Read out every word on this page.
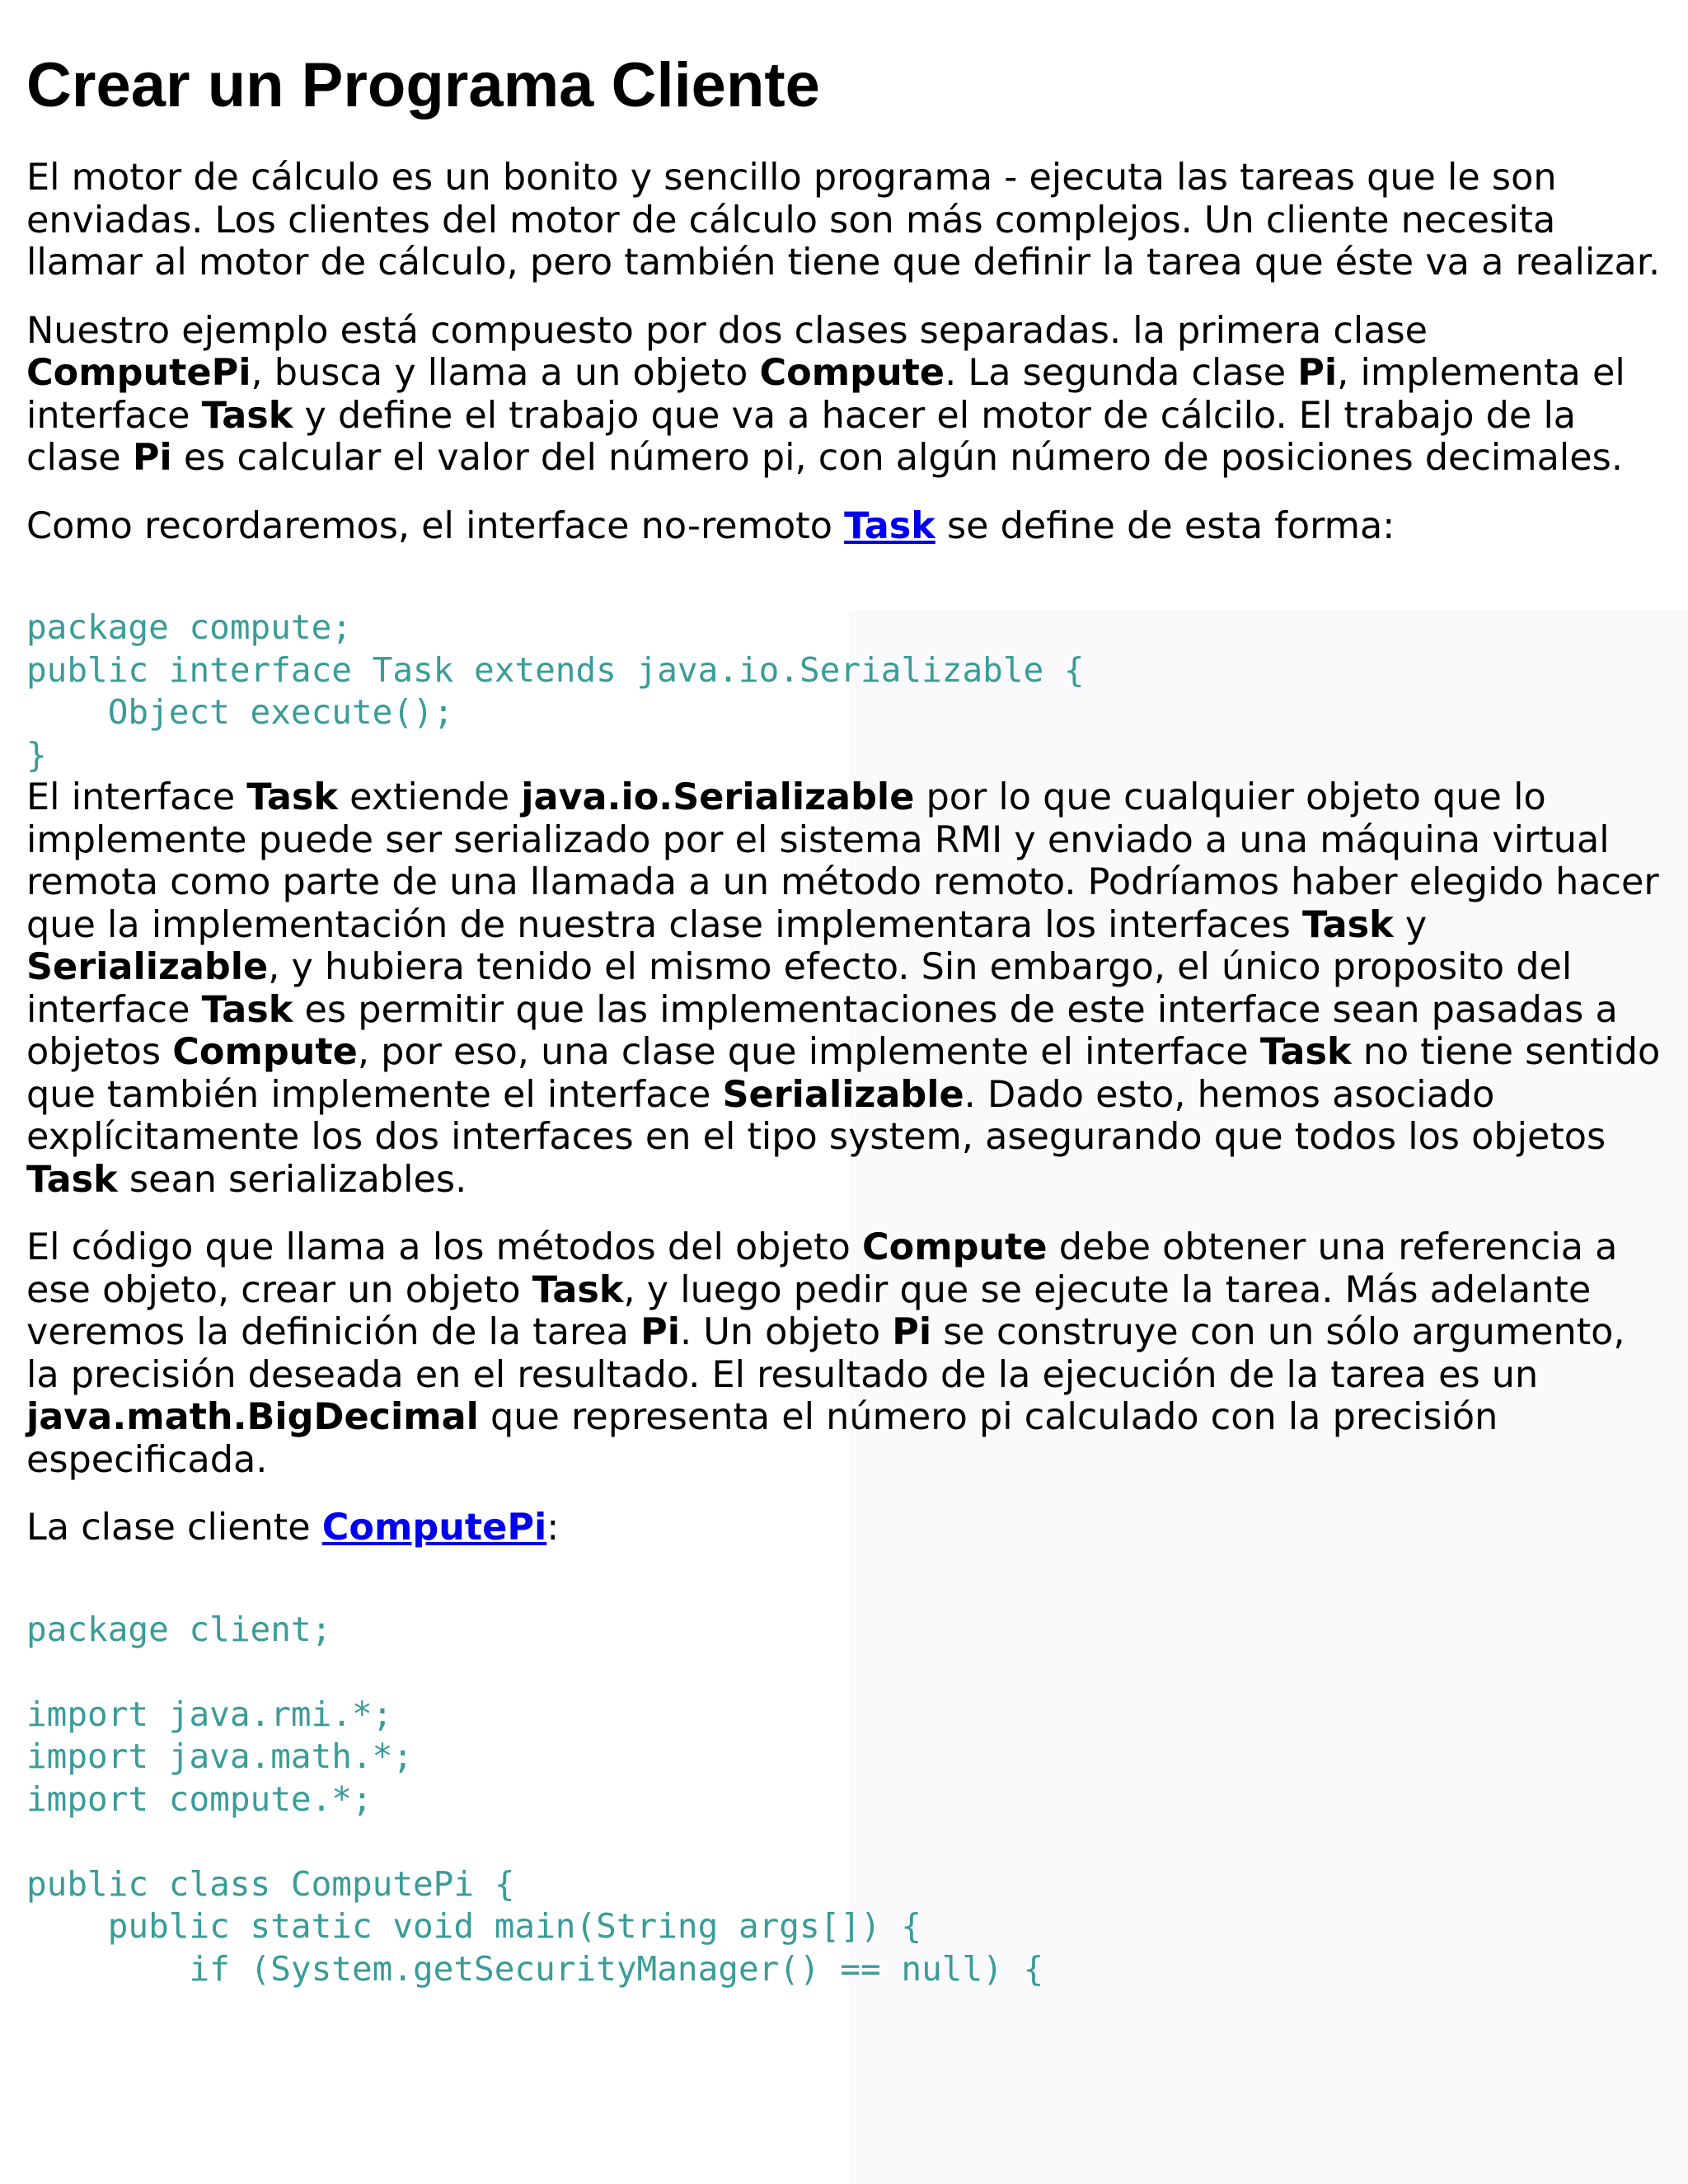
Crear un Programa Cliente

El motor de cálculo es un bonito y sencillo programa - ejecuta las tareas que le son enviadas. Los clientes del motor de cálculo son más complejos. Un cliente necesita llamar al motor de cálculo, pero también tiene que definir la tarea que éste va a realizar.

Nuestro ejemplo está compuesto por dos clases separadas. la primera clase ComputePi, busca y llama a un objeto Compute. La segunda clase Pi, implementa el interface Task y define el trabajo que va a hacer el motor de cálcilo. El trabajo de la clase Pi es calcular el valor del número pi, con algún número de posiciones decimales.

Como recordaremos, el interface no-remoto Task se define de esta forma:

package compute;
public interface Task extends java.io.Serializable {
Object execute();
}

El interface Task extiende java.io.Serializable por lo que cualquier objeto que lo implemente puede ser serializado por el sistema RMI y enviado a una máquina virtual remota como parte de una llamada a un método remoto. Podríamos haber elegido hacer que la implementación de nuestra clase implementara los interfaces Task y Serializable, y hubiera tenido el mismo efecto. Sin embargo, el único proposito del interface Task es permitir que las implementaciones de este interface sean pasadas a objetos Compute, por eso, una clase que implemente el interface Task no tiene sentido que también implemente el interface Serializable. Dado esto, hemos asociado explícitamente los dos interfaces en el tipo system, asegurando que todos los objetos Task sean serializables.

El código que llama a los métodos del objeto Compute debe obtener una referencia a ese objeto, crear un objeto Task, y luego pedir que se ejecute la tarea. Más adelante veremos la definición de la tarea Pi. Un objeto Pi se construye con un sólo argumento, la precisión deseada en el resultado. El resultado de la ejecución de la tarea es un java.math.BigDecimal que representa el número pi calculado con la precisión especificada.

La clase cliente ComputePi:

package client;

import java.rmi.*;
import java.math.*;
import compute.*;

public class ComputePi {
public static void main(String args[]) {
if (System.getSecurityManager() == null) {
